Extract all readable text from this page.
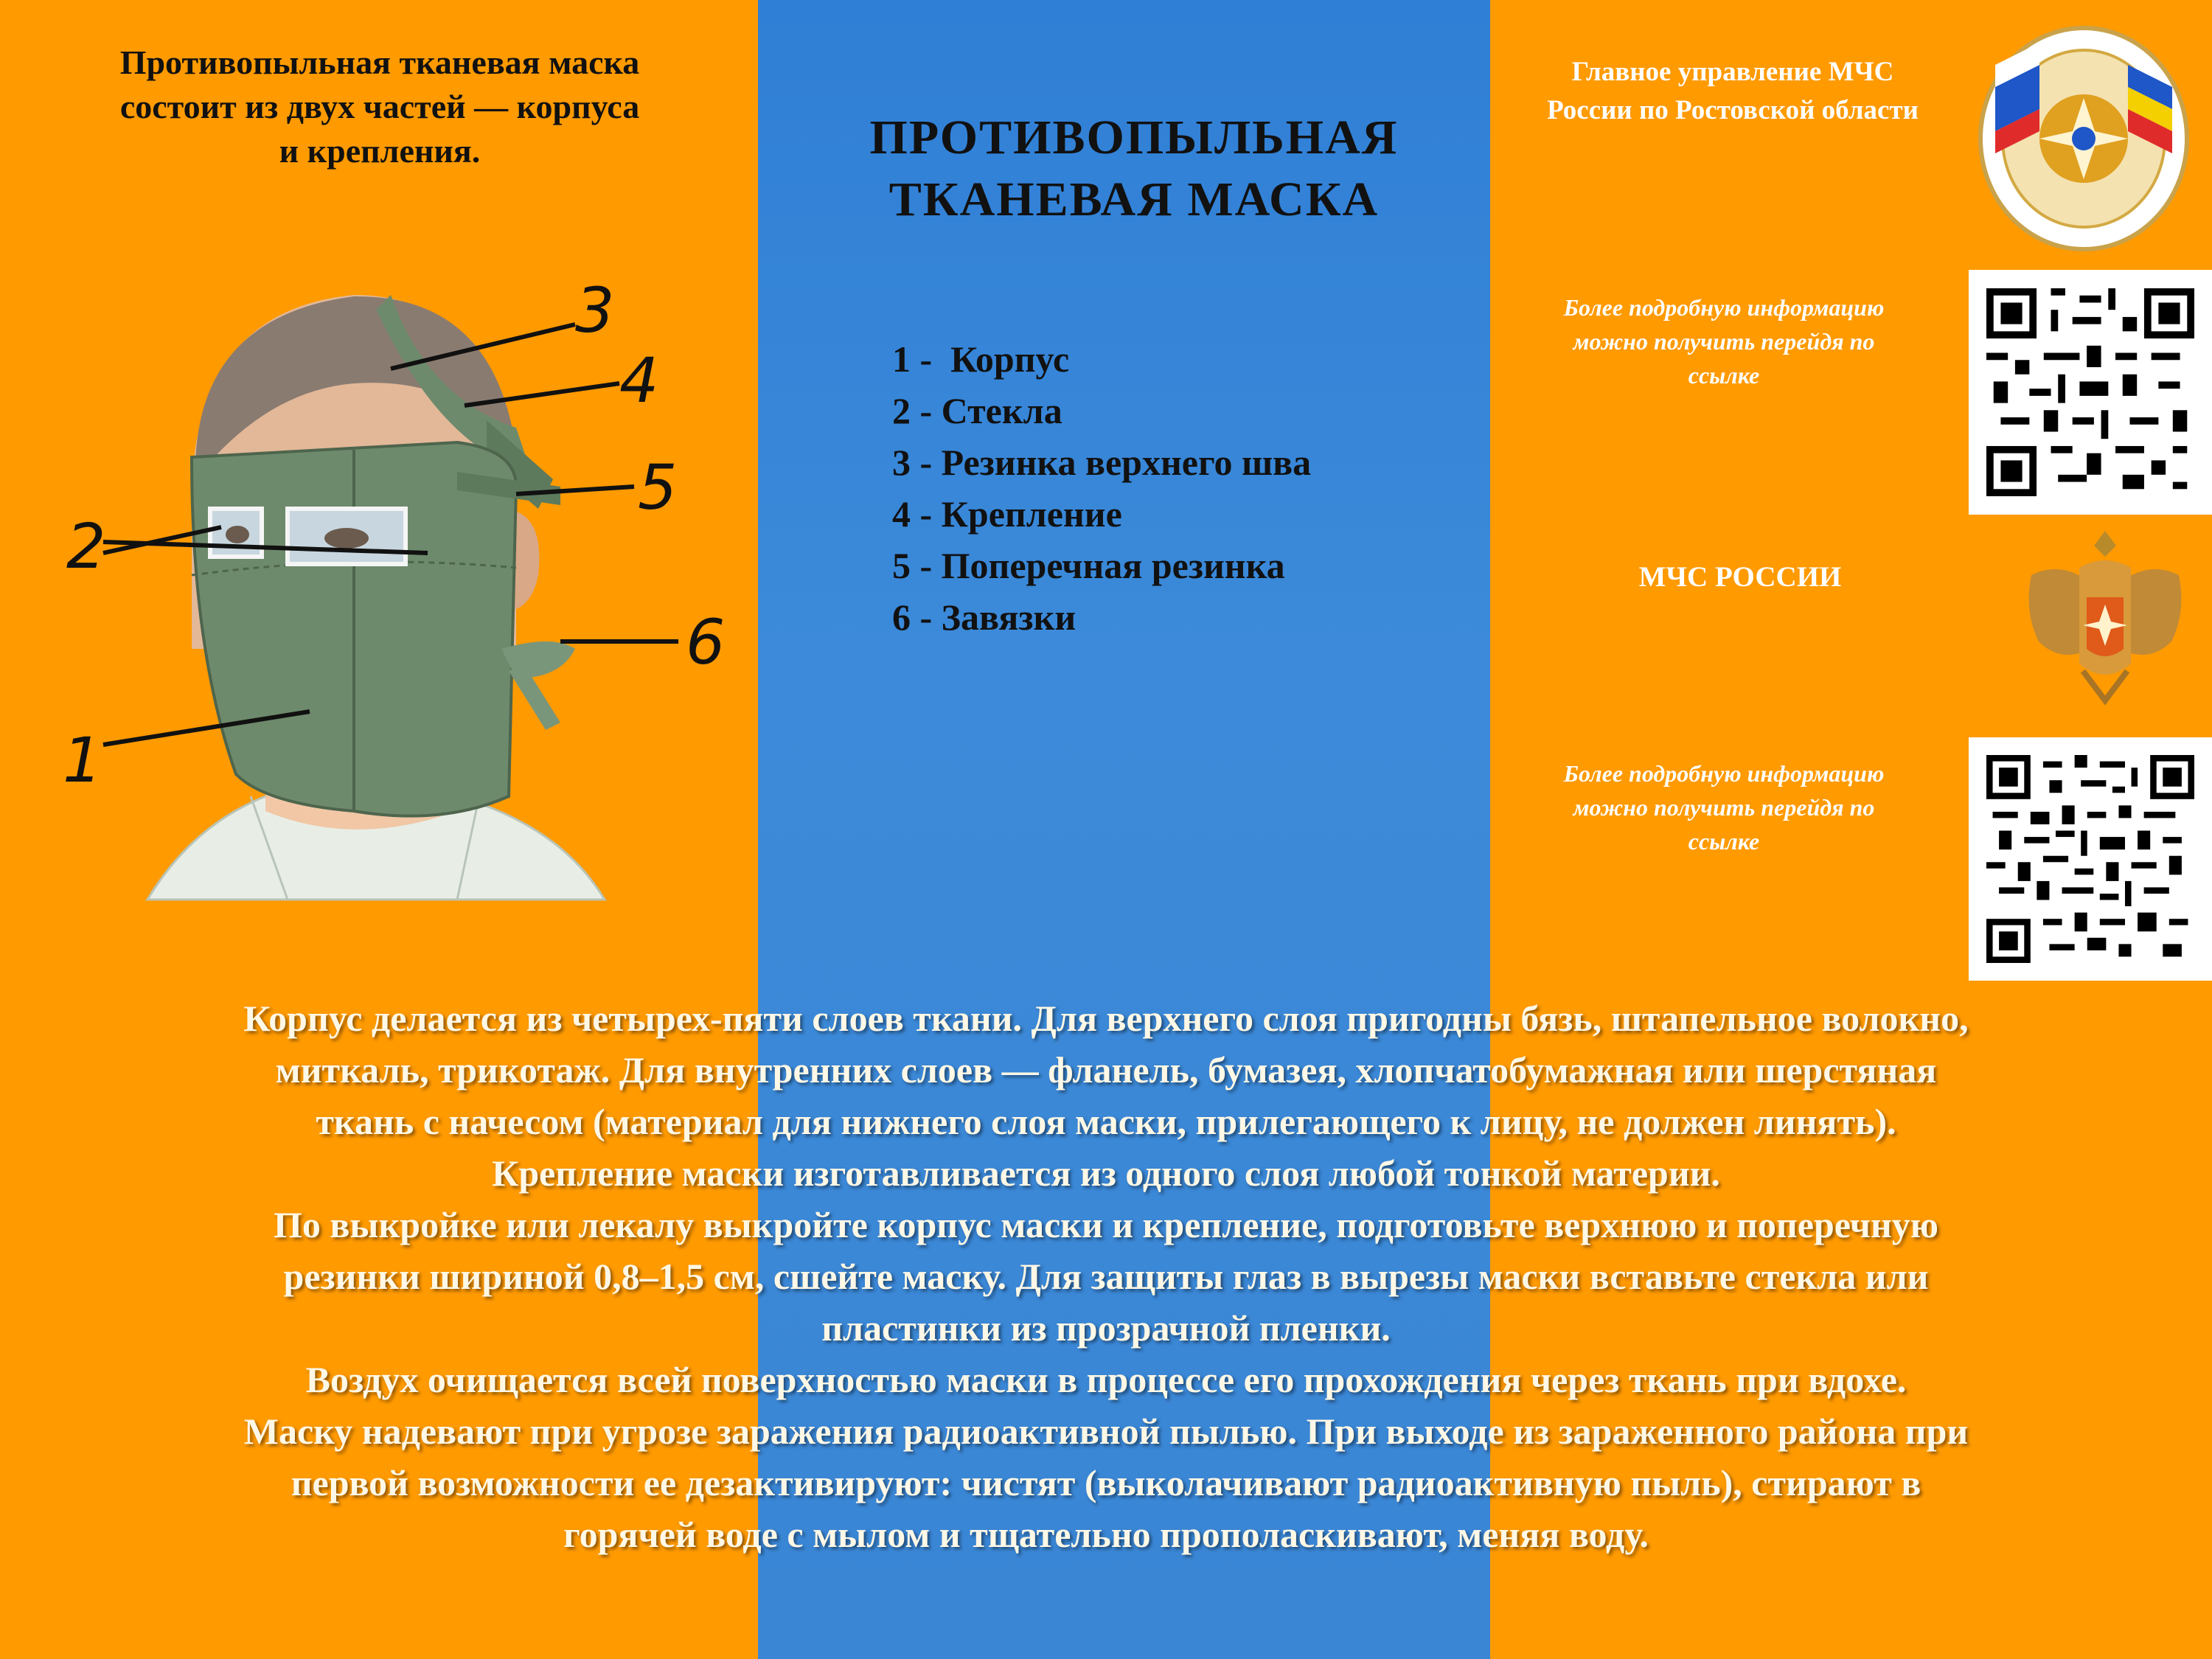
Противопыльная тканевая маска
состоит из двух частей — корпуса
и крепления.
3
4
5
2
6
1
ПРОТИВОПЫЛЬНАЯ
ТКАНЕВАЯ МАСКА
1 -  Корпус
2 - Стекла
3 - Резинка верхнего шва
4 - Крепление
5 - Поперечная резинка
6 - Завязки
Главное управление МЧС
России по Ростовской области
Более подробную информацию
можно получить перейдя по
ссылке
МЧС РОССИИ
Более подробную информацию
можно получить перейдя по
ссылке
Корпус делается из четырех-пяти слоев ткани. Для верхнего слоя пригодны бязь, штапельное волокно,
миткаль, трикотаж. Для внутренних слоев — фланель, бумазея, хлопчатобумажная или шерстяная
ткань с начесом (материал для нижнего слоя маски, прилегающего к лицу, не должен линять).
Крепление маски изготавливается из одного слоя любой тонкой материи.
По выкройке или лекалу выкройте корпус маски и крепление, подготовьте верхнюю и поперечную
резинки шириной 0,8–1,5 см, сшейте маску. Для защиты глаз в вырезы маски вставьте стекла или
пластинки из прозрачной пленки.
Воздух очищается всей поверхностью маски в процессе его прохождения через ткань при вдохе.
Маску надевают при угрозе заражения радиоактивной пылью. При выходе из зараженного района при
первой возможности ее дезактивируют: чистят (выколачивают радиоактивную пыль), стирают в
горячей воде с мылом и тщательно прополаскивают, меняя воду.
